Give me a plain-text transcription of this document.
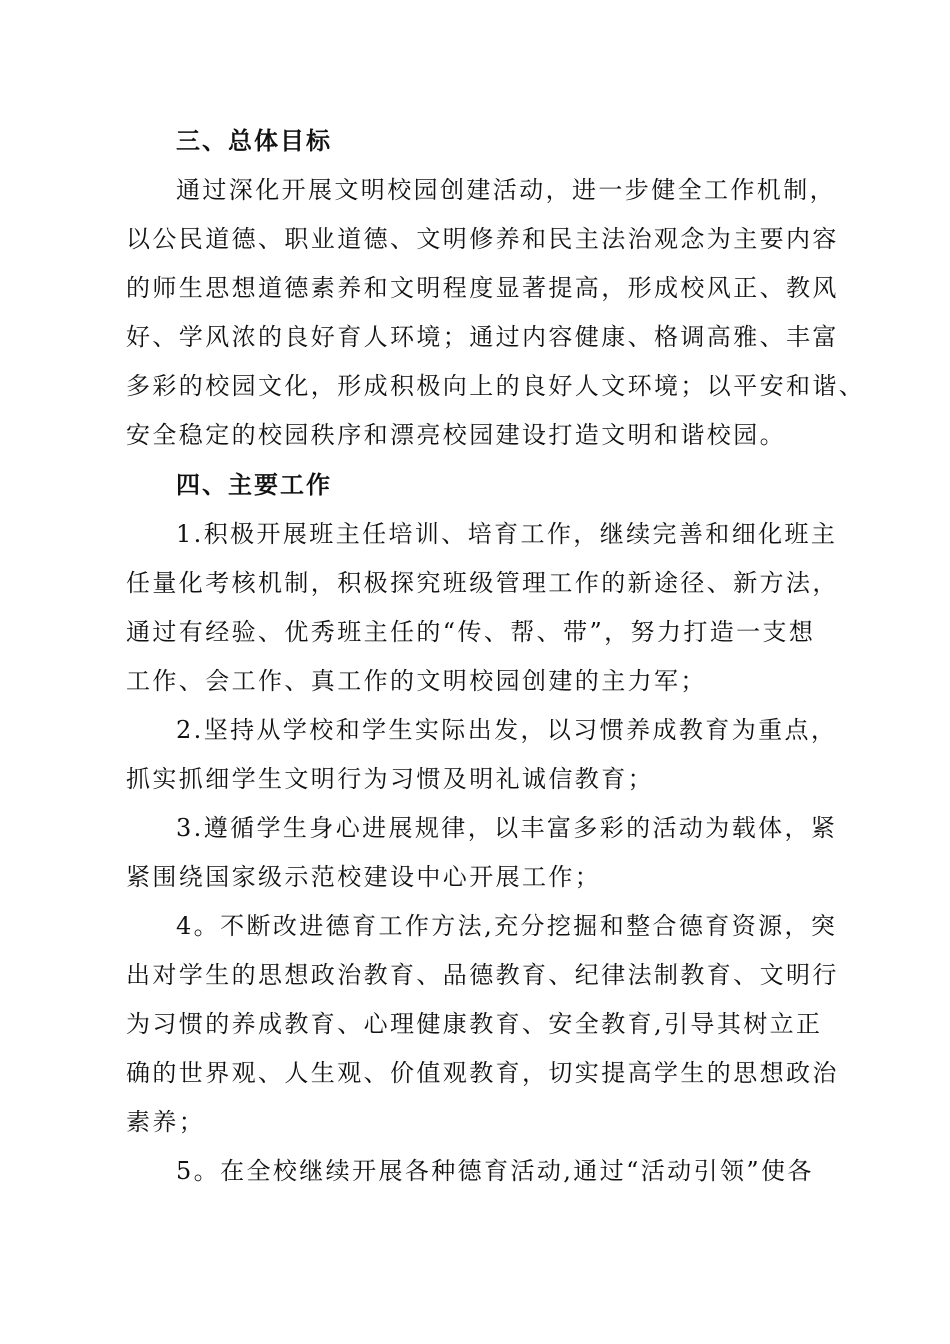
三、总体目标

通过深化开展文明校园创建活动，进一步健全工作机制，
以公民道德、职业道德、文明修养和民主法治观念为主要内容
的师生思想道德素养和文明程度显著提高，形成校风正、教风
好、学风浓的良好育人环境；通过内容健康、格调高雅、丰富
多彩的校园文化，形成积极向上的良好人文环境；以平安和谐、
安全稳定的校园秩序和漂亮校园建设打造文明和谐校园。

四、主要工作

1.积极开展班主任培训、培育工作，继续完善和细化班主
任量化考核机制，积极探究班级管理工作的新途径、新方法，
通过有经验、优秀班主任的“传、帮、带”，努力打造一支想
工作、会工作、真工作的文明校园创建的主力军；

2.坚持从学校和学生实际出发，以习惯养成教育为重点，
抓实抓细学生文明行为习惯及明礼诚信教育；

3.遵循学生身心进展规律，以丰富多彩的活动为载体，紧
紧围绕国家级示范校建设中心开展工作；

4。不断改进德育工作方法,充分挖掘和整合德育资源，突
出对学生的思想政治教育、品德教育、纪律法制教育、文明行
为习惯的养成教育、心理健康教育、安全教育,引导其树立正
确的世界观、人生观、价值观教育，切实提高学生的思想政治
素养；

5。在全校继续开展各种德育活动,通过“活动引领”使各
